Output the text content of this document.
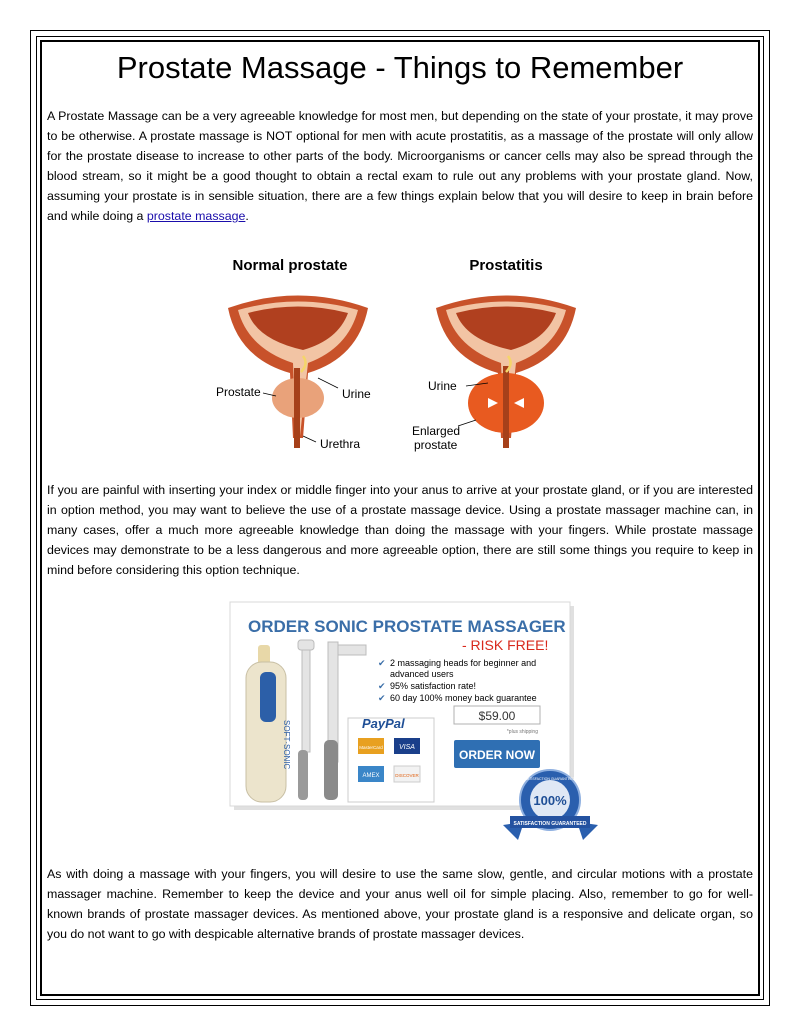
Prostate Massage - Things to Remember

A Prostate Massage can be a very agreeable knowledge for most men, but depending on the state of your prostate, it may prove to be otherwise. A prostate massage is NOT optional for men with acute prostatitis, as a massage of the prostate will only allow for the prostate disease to increase to other parts of the body. Microorganisms or cancer cells may also be spread through the blood stream, so it might be a good thought to obtain a rectal exam to rule out any problems with your prostate gland. Now, assuming your prostate is in sensible situation, there are a few things explain below that you will desire to keep in brain before and while doing a prostate massage.

Normal prostate	Prostatitis
Prostate	Urine
Urethra
Urine
Enlarged
prostate

If you are painful with inserting your index or middle finger into your anus to arrive at your prostate gland, or if you are interested in option method, you may want to believe the use of a prostate massage device. Using a prostate massager machine can, in many cases, offer a much more agreeable knowledge than doing the massage with your fingers. While prostate massage devices may demonstrate to be a less dangerous and more agreeable option, there are still some things you require to keep in mind before considering this option technique.

ORDER SONIC PROSTATE MASSAGER
- RISK FREE!
SOFT·SONIC
✔ 2 massaging heads for beginner and
advanced users
✔ 95% satisfaction rate!
✔ 60 day 100% money back guarantee
PayPal
MasterCard VISA
AMEX	DISCOVER
$59.00
*plus shipping
ORDER NOW
100%
SATISFACTION GUARANTEED
SATISFACTION GUARANTEED

As with doing a massage with your fingers, you will desire to use the same slow, gentle, and circular motions with a prostate massager machine. Remember to keep the device and your anus well oil for simple placing. Also, remember to go for well-known brands of prostate massager devices. As mentioned above, your prostate gland is a responsive and delicate organ, so you do not want to go with despicable alternative brands of prostate massager devices.
